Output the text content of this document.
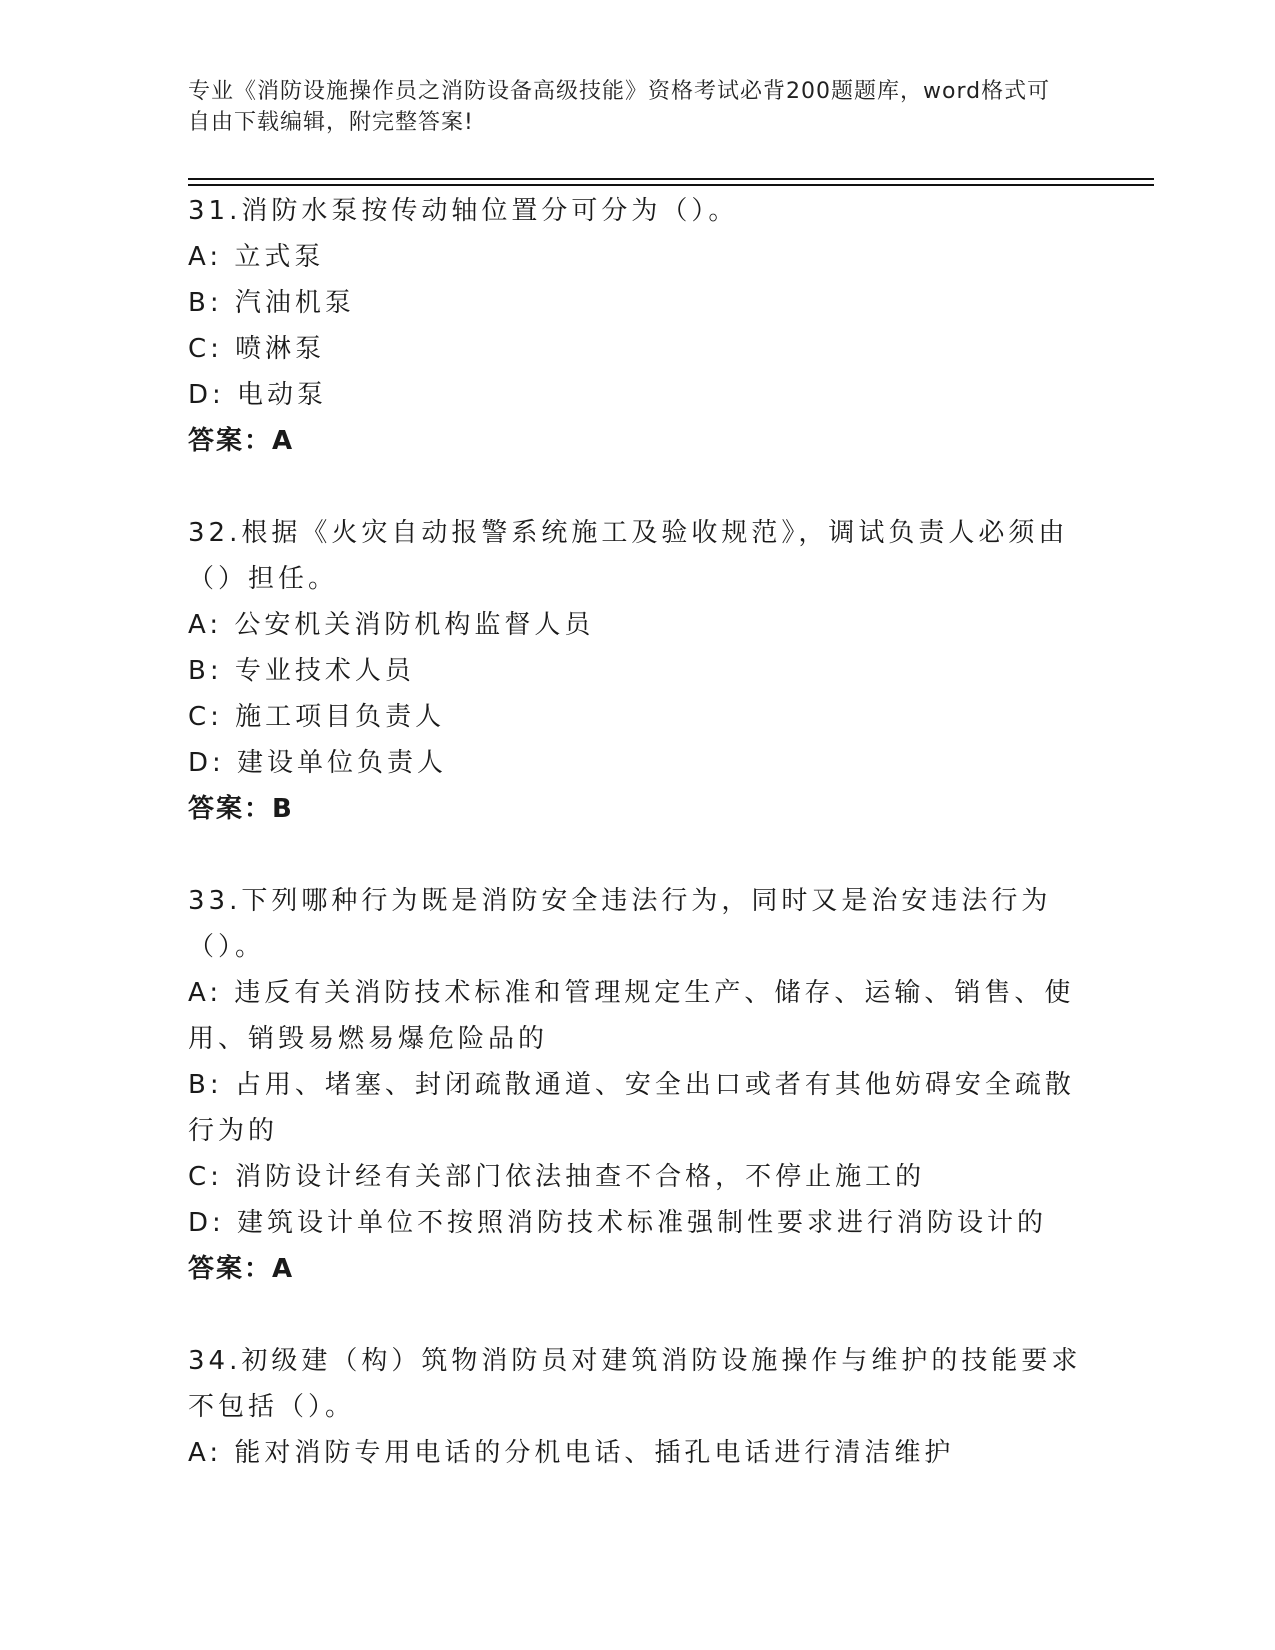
专业《消防设施操作员之消防设备高级技能》资格考试必背200题题库，word格式可自由下载编辑，附完整答案!
31.消防水泵按传动轴位置分可分为（）。
A: 立式泵
B: 汽油机泵
C: 喷淋泵
D: 电动泵
答案：A
32.根据《火灾自动报警系统施工及验收规范》，调试负责人必须由（）担任。
A: 公安机关消防机构监督人员
B: 专业技术人员
C: 施工项目负责人
D: 建设单位负责人
答案：B
33.下列哪种行为既是消防安全违法行为，同时又是治安违法行为（）。
A: 违反有关消防技术标准和管理规定生产、储存、运输、销售、使用、销毁易燃易爆危险品的
B: 占用、堵塞、封闭疏散通道、安全出口或者有其他妨碍安全疏散行为的
C: 消防设计经有关部门依法抽查不合格，不停止施工的
D: 建筑设计单位不按照消防技术标准强制性要求进行消防设计的
答案：A
34.初级建（构）筑物消防员对建筑消防设施操作与维护的技能要求不包括（）。
A: 能对消防专用电话的分机电话、插孔电话进行清洁维护
